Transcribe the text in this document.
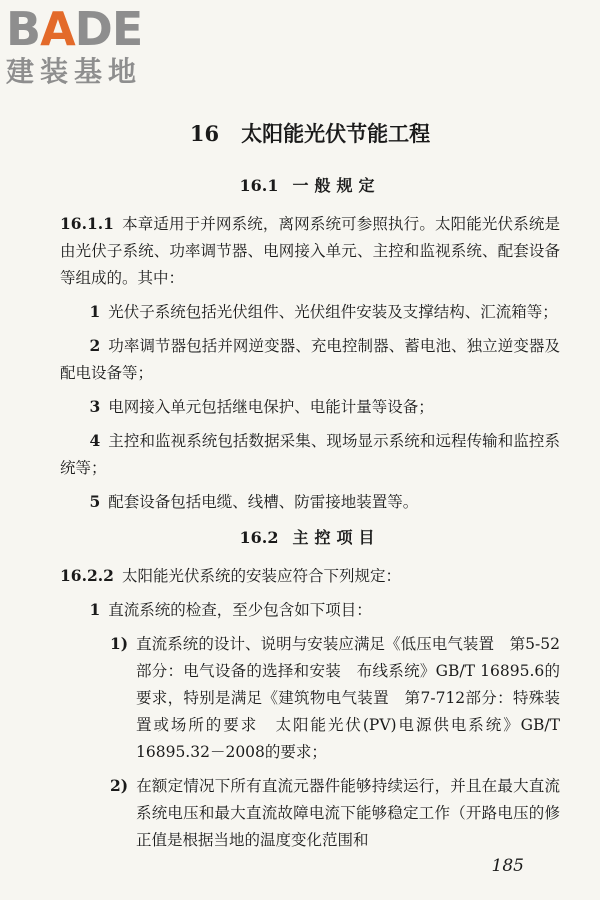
BADE
建装基地
16 太阳能光伏节能工程
16.1 一般规定

16.1.1 本章适用于并网系统，离网系统可参照执行。太阳能光伏系统是由光伏子系统、功率调节器、电网接入单元、主控和监视系统、配套设备等组成的。其中：

1 光伏子系统包括光伏组件、光伏组件安装及支撑结构、汇流箱等；

2 功率调节器包括并网逆变器、充电控制器、蓄电池、独立逆变器及配电设备等；

3 电网接入单元包括继电保护、电能计量等设备；

4 主控和监视系统包括数据采集、现场显示系统和远程传输和监控系统等；

5 配套设备包括电缆、线槽、防雷接地装置等。

16.2 主控项目

16.2.2 太阳能光伏系统的安装应符合下列规定：

1 直流系统的检查，至少包含如下项目：

1) 直流系统的设计、说明与安装应满足《低压电气装置　第5-52部分：电气设备的选择和安装　布线系统》GB/T 16895.6的要求，特别是满足《建筑物电气装置　第7-712部分：特殊装置或场所的要求　太阳能光伏(PV)电源供电系统》GB/T 16895.32－2008的要求；

2) 在额定情况下所有直流元器件能够持续运行，并且在最大直流系统电压和最大直流故障电流下能够稳定工作（开路电压的修正值是根据当地的温度变化范围和

185
